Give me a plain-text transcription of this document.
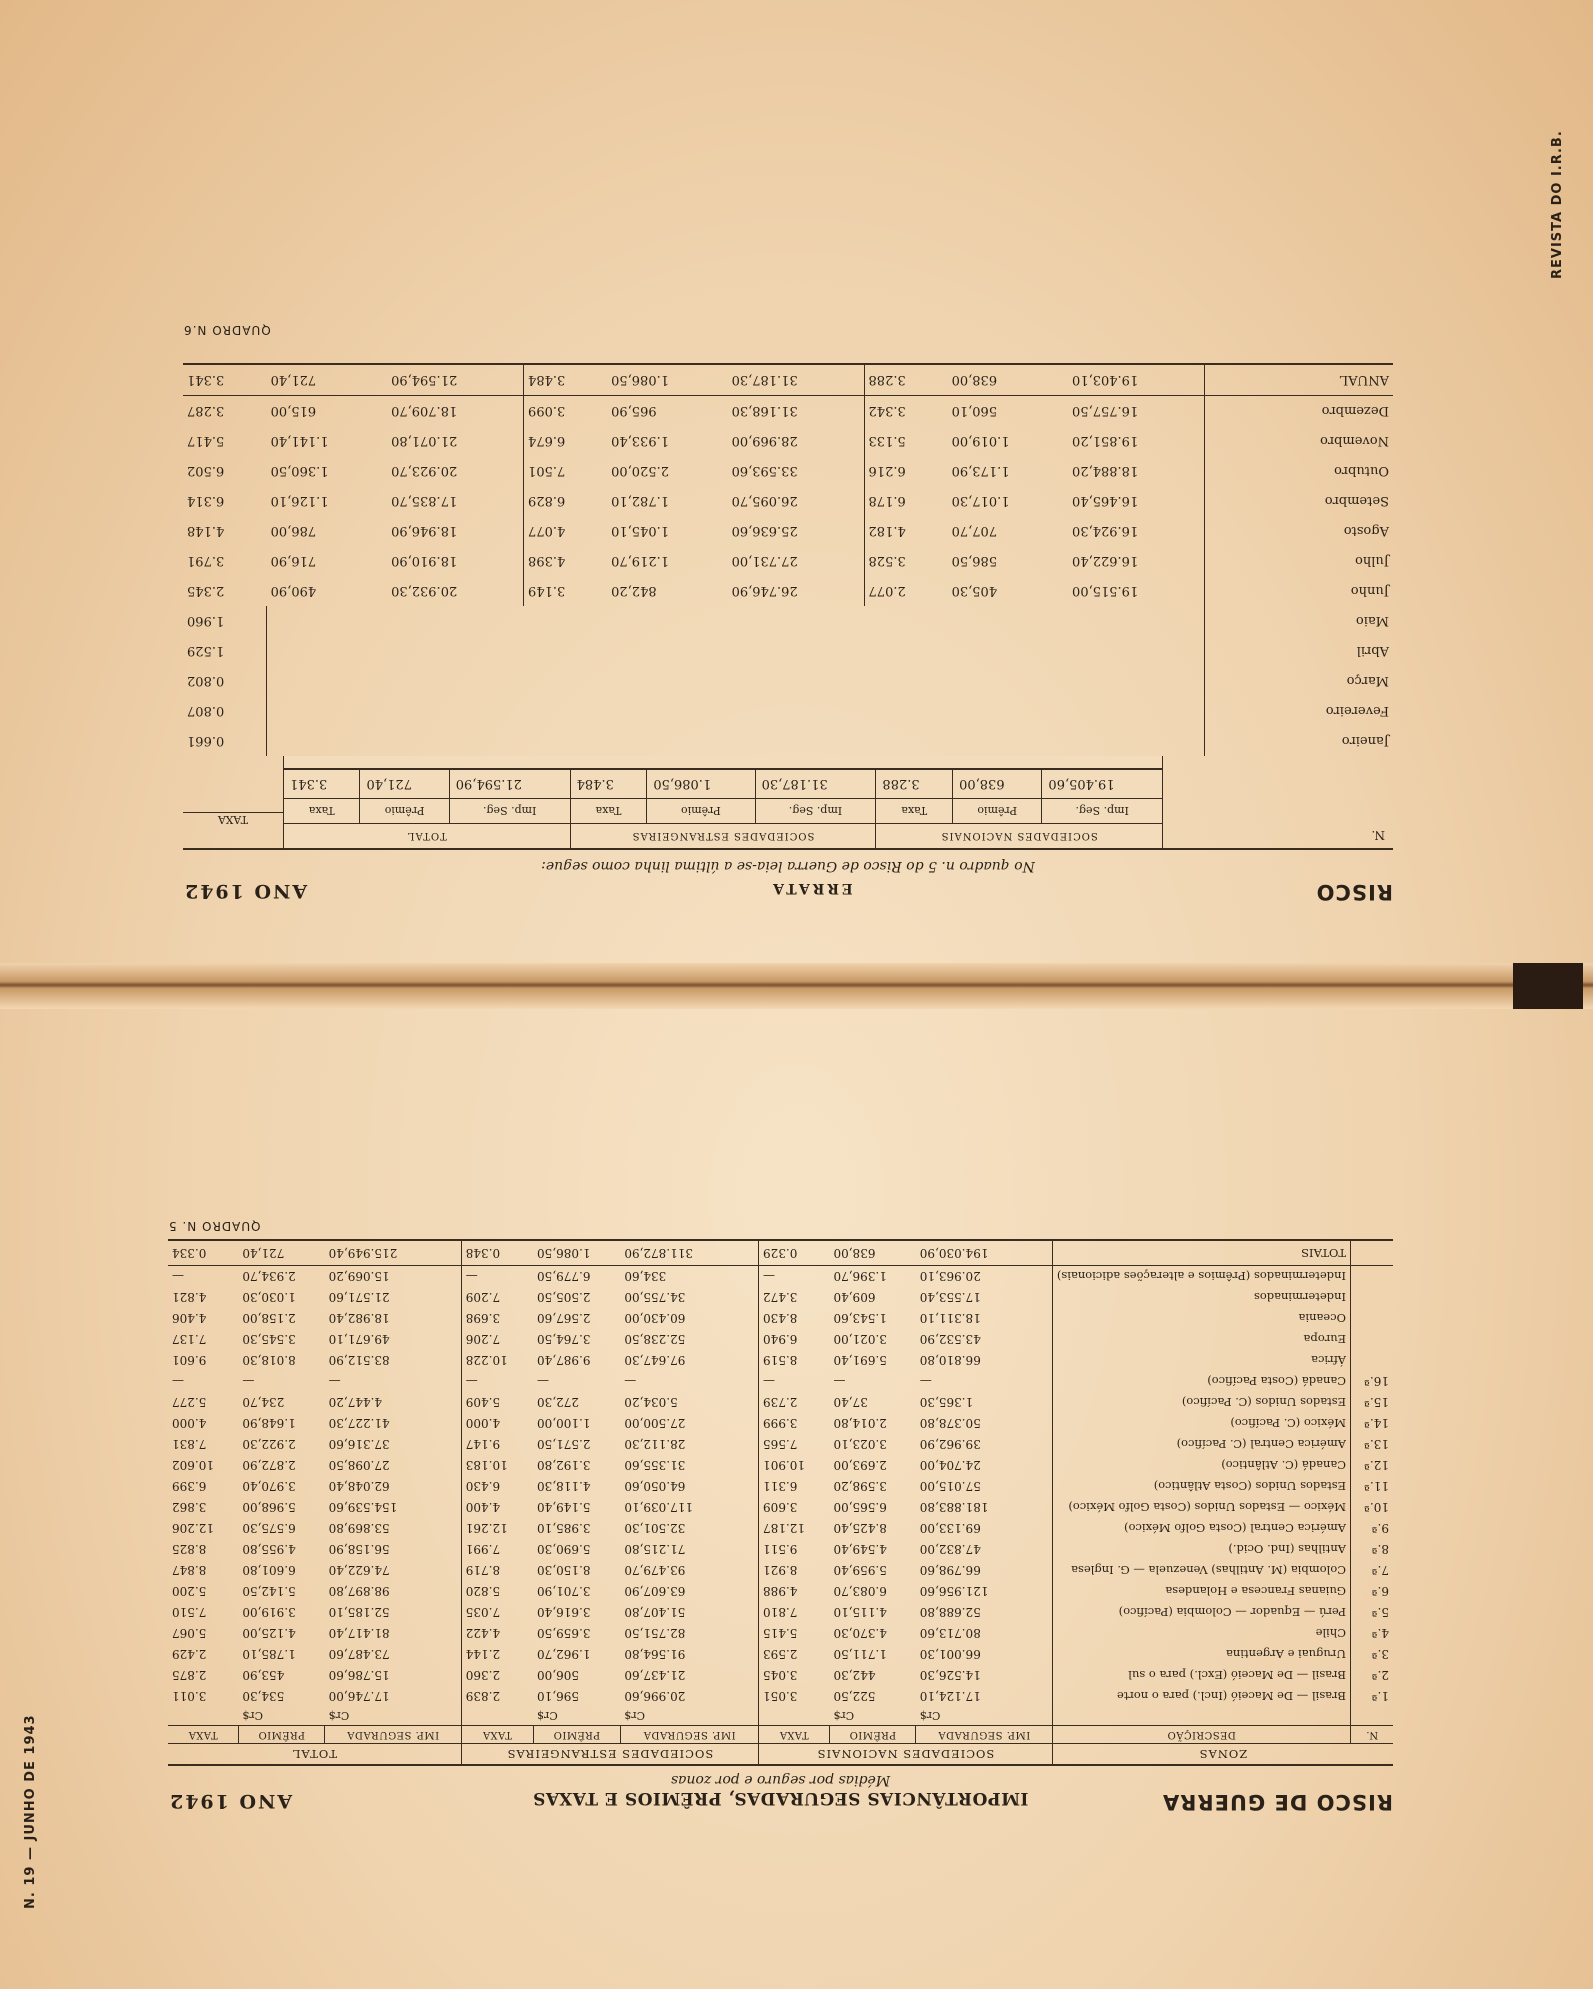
N. 19 — JUNHO DE 1943
REVISTA DO I.R.B.
RISCO DE GUERRA
ANO 1942	IMPORTÂNCIAS SEGURADAS, PRÊMIOS E TAXAS
Médias por seguro e por zonas
ZONAS		SOCIEDADES NACIONAIS			SOCIEDADES ESTRANGEIRAS			TOTAL		
N.	DESCRIÇÃO	IMP. SEGURADA	PRÊMIO	TAXA	IMP. SEGURADA	PRÊMIO	TAXA	IMP. SEGURADA	PRÊMIO	TAXA
		Cr$	Cr$		Cr$	Cr$		Cr$	Cr$	
1.ª	Brasil — De Maceió (Incl.) para o norte	17.124,10	522,50	3.051	20.996,60	596,10	2.839	17.746,00	534,30	3.011
2.ª	Brasil — De Maceió (Excl.) para o sul	14.526,30	442,30	3.045	21.437,60	506,00	2.360	15.786,60	453,90	2.875
3.ª	Uruguai e Argentina	66.001,30	1.711,50	2.593	91.564,80	1.962,70	2.144	73.487,60	1.785,10	2.429
4.ª	Chile	80.713,60	4.370,30	5.415	82.751,50	3.659,50	4.422	81.417,40	4.125,00	5.067
5.ª	Perú — Equador — Colombia (Pacífico)	52.688,80	4.115,10	7.810	51.407,80	3.616,40	7.035	52.185,10	3.919,00	7.510
6.ª	Guianas Francesa e Holandesa	121.956,60	6.083,70	4.988	63.607,90	3.701,90	5.820	98.897,80	5.142,50	5.200
7.ª	Colombia (M. Antilhas) Venezuela — G. Inglesa	66.798,60	5.959,40	8.921	93.479,70	8.150,30	8.719	74.622,40	6.601,80	8.847
8.ª	Antilhas (Ind. Ocid.)	47.832,00	4.549,40	9.511	71.215,80	5.690,30	7.991	56.158,90	4.955,80	8.825
9.ª	América Central (Costa Golfo México)	69.133,00	8.425,40	12.187	32.501,30	3.985,10	12.261	53.869,80	6.575,30	12.206
10.ª	México — Estados Unidos (Costa Golfo México)	181.883,80	6.565,00	3.609	117.039,10	5.149,40	4.400	154.539,60	5.968,00	3.862
11.ª	Estados Unidos (Costa Atlântico)	57.015,00	3.598,20	6.311	64.050,60	4.118,30	6.430	62.048,40	3.970,40	6.399
12.ª	Canadá (C. Atlântico)	24.704,00	2.693,00	10.901	31.355,60	3.192,80	10.183	27.098,50	2.872,90	10.602
13.ª	América Central (C. Pacífico)	39.962,90	3.023,10	7.565	28.112,30	2.571,50	9.147	37.316,60	2.922,30	7.831
14.ª	México (C. Pacífico)	50.378,80	2.014,80	3.999	27.500,00	1.100,00	4.000	41.227,30	1.648,90	4.000
15.ª	Estados Unidos (C. Pacífico)	1.365,30	37,40	2.739	5.034,20	272,30	5.409	4.447,20	234,70	5.277
16.ª	Canadá (Costa Pacífico)	—	—	—	—	—	—	—	—	—
	África	66.810,80	5.691,40	8.519	97.647,30	9.987,40	10.228	83.512,90	8.018,30	9.601
	Europa	43.532,90	3.021,00	6.940	52.238,50	3.764,50	7.206	49.671,10	3.545,30	7.137
	Oceania	18.311,10	1.543,60	8.430	60.430,00	2.567,60	3.698	18.982,40	2.158,00	4.406
	Indeterminados	17.553,40	609,40	3.472	34.755,00	2.505,50	7.209	21.571,60	1.030,30	4.821
	Indeterminados (Prêmios e alterações adicionais)	20.963,10	1.396,70	—	334,60	6.779,50	—	15.069,20	2.934,70	—
	TOTAIS	194.030,90	638,00	0.329	311.872,90	1.086,50	0.348	215.949,40	721,40	0.334
QUADRO N. 5
RISCO
ERRATA
ANO 1942
No quadro n. 5 do Risco de Guerra leia-se a última linha como segue:
N.
SOCIEDADES NACIONAIS			SOCIEDADES ESTRANGEIRAS			TOTAL		
Imp. Seg.	Prêmio	Taxa	Imp. Seg.	Prêmio	Taxa	Imp. Seg.	Prêmio	Taxa
19.405,60	638,00	3.288	31.187,30	1.086,50	3.484	21.594,90	721,40	3.341
TAXA
Janeiro									0.661
Fevereiro									0.807
Março									0.802
Abril									1.529
Maio									1.960
Junho	19.515,00	405,30	2.077	26.746,90	842,20	3.149	20.932,30	490,90	2.345
Julho	16.622,40	586,50	3.528	27.731,00	1.219,70	4.398	18.910,90	716,90	3.791
Agosto	16.924,30	707,70	4.182	25.636,60	1.045,10	4.077	18.946,90	786,00	4.148
Setembro	16.465,40	1.017,30	6.178	26.095,70	1.782,10	6.829	17.835,70	1.126,10	6.314
Outubro	18.884,20	1.173,90	6.216	33.593,60	2.520,00	7.501	20.923,70	1.360,50	6.502
Novembro	19.851,20	1.019,00	5.133	28.969,00	1.933,40	6.674	21.071,80	1.141,40	5.417
Dezembro	16.757,50	560,10	3.342	31.168,30	965,90	3.099	18.709,70	615,00	3.287
ANUAL	19.403,10	638,00	3.288	31.187,30	1.086,50	3.484	21.594,90	721,40	3.341
QUADRO N.6
